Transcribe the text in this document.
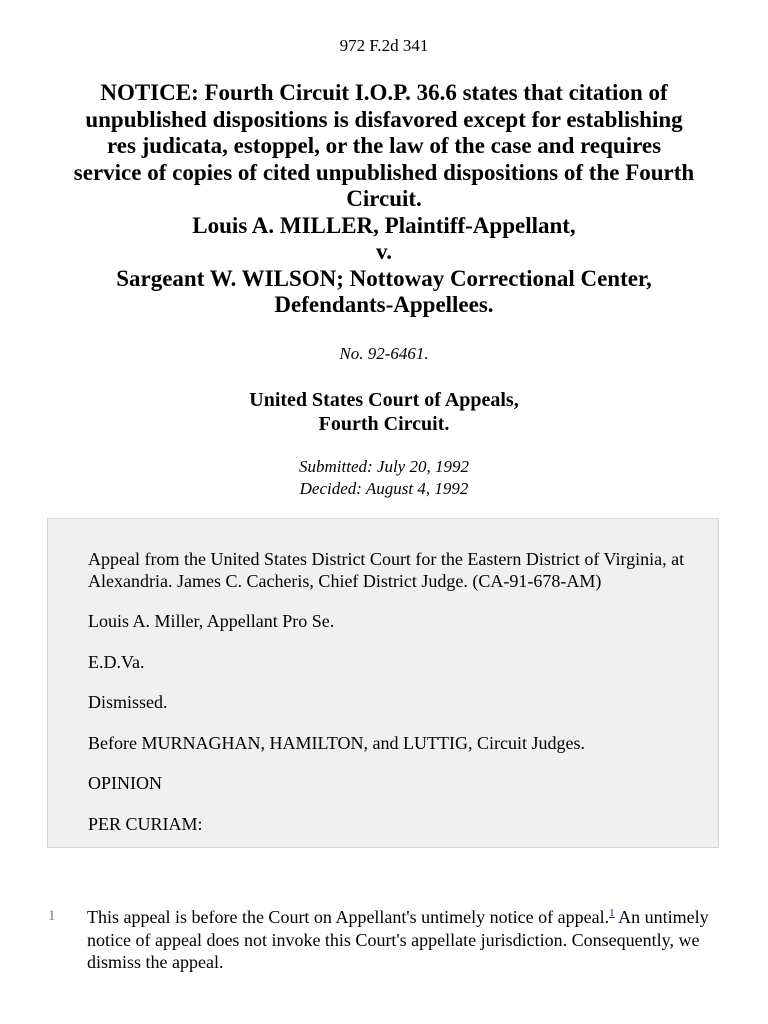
972 F.2d 341
NOTICE: Fourth Circuit I.O.P. 36.6 states that citation of
unpublished dispositions is disfavored except for establishing
res judicata, estoppel, or the law of the case and requires
service of copies of cited unpublished dispositions of the Fourth
Circuit.
Louis A. MILLER, Plaintiff-Appellant,
v.
Sargeant W. WILSON; Nottoway Correctional Center,
Defendants-Appellees.
No. 92-6461.
United States Court of Appeals,
Fourth Circuit.
Submitted: July 20, 1992
Decided: August 4, 1992

Appeal from the United States District Court for the Eastern District of Virginia, at Alexandria. James C. Cacheris, Chief District Judge. (CA-91-678-AM)

Louis A. Miller, Appellant Pro Se.

E.D.Va.

Dismissed.

Before MURNAGHAN, HAMILTON, and LUTTIG, Circuit Judges.

OPINION

PER CURIAM:

1 This appeal is before the Court on Appellant's untimely notice of appeal.$^1$ An untimely notice of appeal does not invoke this Court's appellate jurisdiction. Consequently, we dismiss the appeal.
